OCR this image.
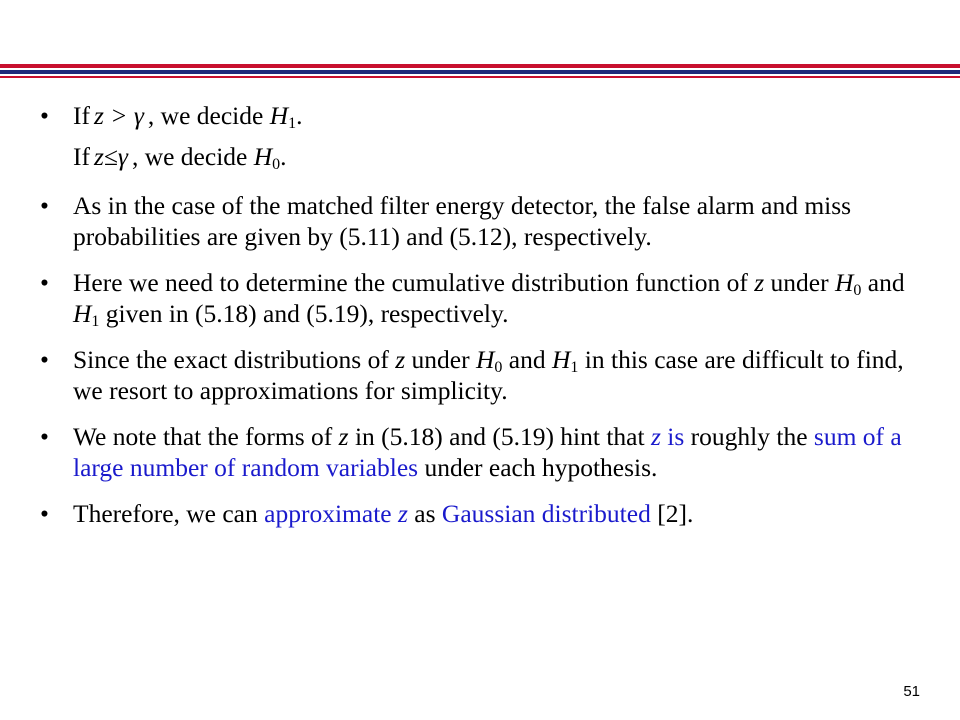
• If z > γ , we decide $H_1$.
If z≤γ , we decide $H_0$.
• As in the case of the matched filter energy detector, the false alarm and miss probabilities are given by (5.11) and (5.12), respectively.
• Here we need to determine the cumulative distribution function of z under $H_0$ and $H_1$ given in (5.18) and (5.19), respectively.
• Since the exact distributions of z under $H_0$ and $H_1$ in this case are difficult to find, we resort to approximations for simplicity.
• We note that the forms of z in (5.18) and (5.19) hint that z is roughly the sum of a large number of random variables under each hypothesis.
• Therefore, we can approximate z as Gaussian distributed [2].
51
